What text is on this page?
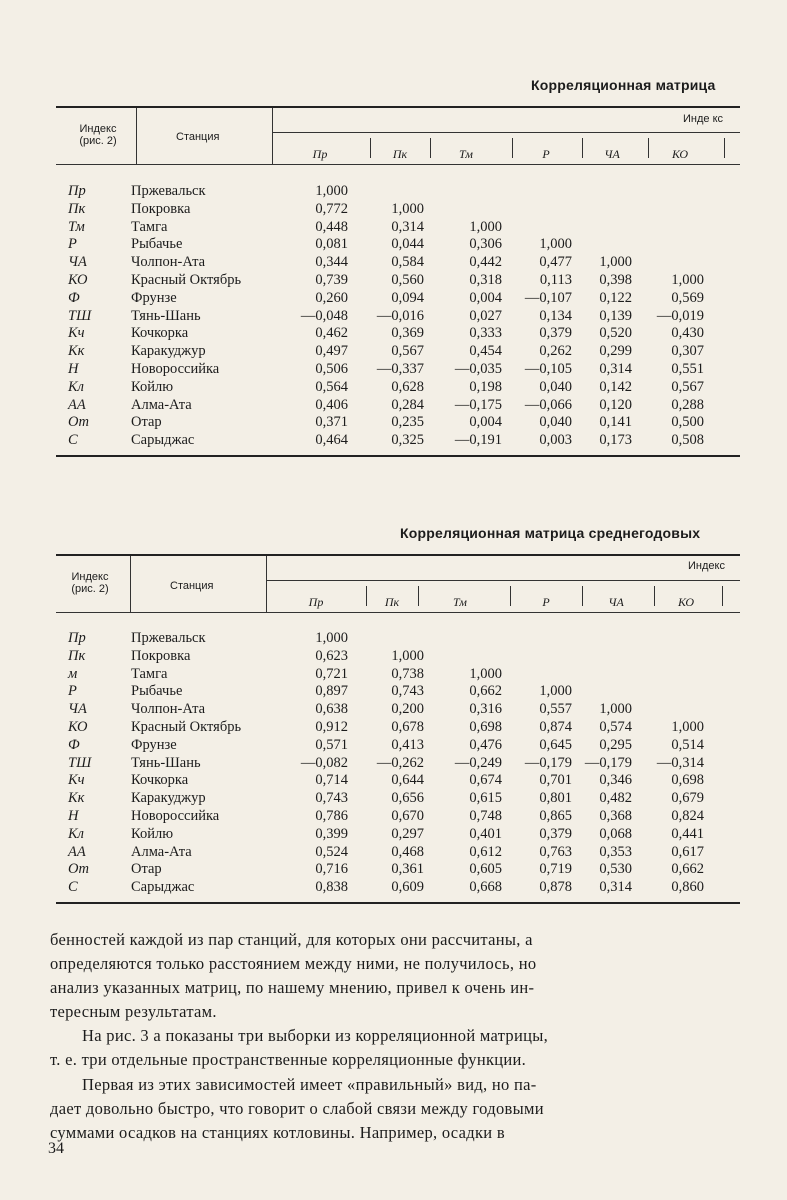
Корреляционная матрица
Индекс
(рис. 2)	Станция
Инде кс
Пр	Пк	Тм	Р	ЧА	КО
Пр	Пржевальск	1,000
Пк	Покровка	0,772	1,000
Тм	Тамга	0,448	0,314	1,000
Р	Рыбачье	0,081	0,044	0,306	1,000
ЧА	Чолпон-Ата	0,344	0,584	0,442	0,477	1,000
КО	Красный Октябрь	0,739	0,560	0,318	0,113	0,398	1,000
Ф	Фрунзе	0,260	0,094	0,004	—0,107	0,122	0,569
ТШ	Тянь-Шань	—0,048	—0,016	0,027	0,134	0,139	—0,019
Кч	Кочкорка	0,462	0,369	0,333	0,379	0,520	0,430
Кк	Каракуджур	0,497	0,567	0,454	0,262	0,299	0,307
Н	Новороссийка	0,506	—0,337	—0,035	—0,105	0,314	0,551
Кл	Койлю	0,564	0,628	0,198	0,040	0,142	0,567
АА	Алма-Ата	0,406	0,284	—0,175	—0,066	0,120	0,288
От	Отар	0,371	0,235	0,004	0,040	0,141	0,500
С	Сарыджаc	0,464	0,325	—0,191	0,003	0,173	0,508
Корреляционная матрица среднегодовых
Индекс
(рис. 2)	Станция
Индекс
Пр	Пк	Тм	Р	ЧА	КО
Пр	Пржевальск	1,000
Пк	Покровка	0,623	1,000
м	Тамга	0,721	0,738	1,000
Р	Рыбачье	0,897	0,743	0,662	1,000
ЧА	Чолпон-Ата	0,638	0,200	0,316	0,557	1,000
КО	Красный Октябрь	0,912	0,678	0,698	0,874	0,574	1,000
Ф	Фрунзе	0,571	0,413	0,476	0,645	0,295	0,514
ТШ	Тянь-Шань	—0,082	—0,262	—0,249	—0,179 —0,179	—0,314
Кч	Кочкорка	0,714	0,644	0,674	0,701	0,346	0,698
Кк	Каракуджур	0,743	0,656	0,615	0,801	0,482	0,679
Н	Новороссийка	0,786	0,670	0,748	0,865	0,368	0,824
Кл	Койлю	0,399	0,297	0,401	0,379	0,068	0,441
АА	Алма-Ата	0,524	0,468	0,612	0,763	0,353	0,617
От	Отар	0,716	0,361	0,605	0,719	0,530	0,662
С	Сарыджас	0,838	0,609	0,668	0,878	0,314	0,860
бенностей каждой из пар станций, для которых они рассчитаны, а
определяются только расстоянием между ними, не получилось, но
анализ указанных матриц, по нашему мнению, привел к очень ин-
тересным результатам.
На рис. 3 а показаны три выборки из корреляционной матрицы,
т. е. три отдельные пространственные корреляционные функции.
Первая из этих зависимостей имеет «правильный» вид, но па-
дает довольно быстро, что говорит о слабой связи между годовыми
суммами осадков на станциях котловины. Например, осадки в
34
